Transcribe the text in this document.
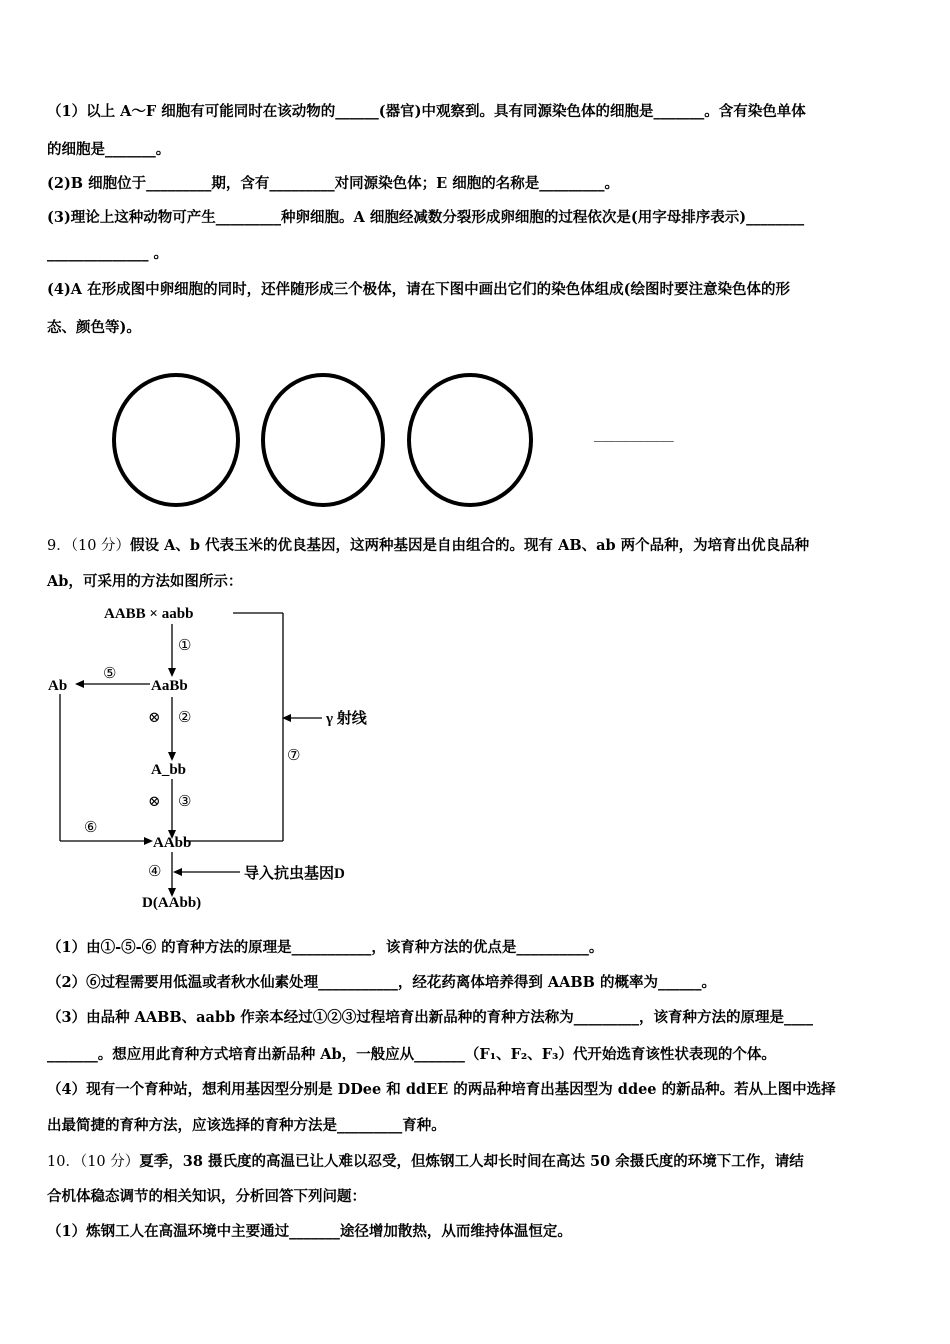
（1）以上 A～F 细胞有可能同时在该动物的______(器官)中观察到。具有同源染色体的细胞是_______。含有染色单体
的细胞是_______。
(2)B 细胞位于_________期，含有_________对同源染色体；E 细胞的名称是_________。
(3)理论上这种动物可产生_________种卵细胞。A 细胞经减数分裂形成卵细胞的过程依次是(用字母排序表示)________
______________ 。
(4)A 在形成图中卵细胞的同时，还伴随形成三个极体，请在下图中画出它们的染色体组成(绘图时要注意染色体的形
态、颜色等)。
___________
9．（10 分）假设 A、b 代表玉米的优良基因，这两种基因是自由组合的。现有 AB、ab 两个品种，为培育出优良品种
Ab，可采用的方法如图所示：
AABB × aabb
①
AaBb
Ab
⑤
⊗ ②
A_bb
⊗ ③
⑥
AAbb
④	导入抗虫基因D
D(AAbb)
γ 射线
⑦
（1）由①-⑤-⑥ 的育种方法的原理是___________，该育种方法的优点是__________。
（2）⑥过程需要用低温或者秋水仙素处理___________，经花药离体培养得到 AABB 的概率为______。
（3）由品种 AABB、aabb 作亲本经过①②③过程培育出新品种的育种方法称为_________，该育种方法的原理是____
_______。想应用此育种方式培育出新品种 Ab，一般应从_______（F₁、F₂、F₃）代开始选育该性状表现的个体。
（4）现有一个育种站，想利用基因型分别是 DDee 和 ddEE 的两品种培育出基因型为 ddee 的新品种。若从上图中选择
出最简捷的育种方法，应该选择的育种方法是_________育种。
10．（10 分）夏季，38 摄氏度的高温已让人难以忍受，但炼钢工人却长时间在高达 50 余摄氏度的环境下工作，请结
合机体稳态调节的相关知识，分析回答下列问题：
（1）炼钢工人在高温环境中主要通过_______途径增加散热，从而维持体温恒定。
